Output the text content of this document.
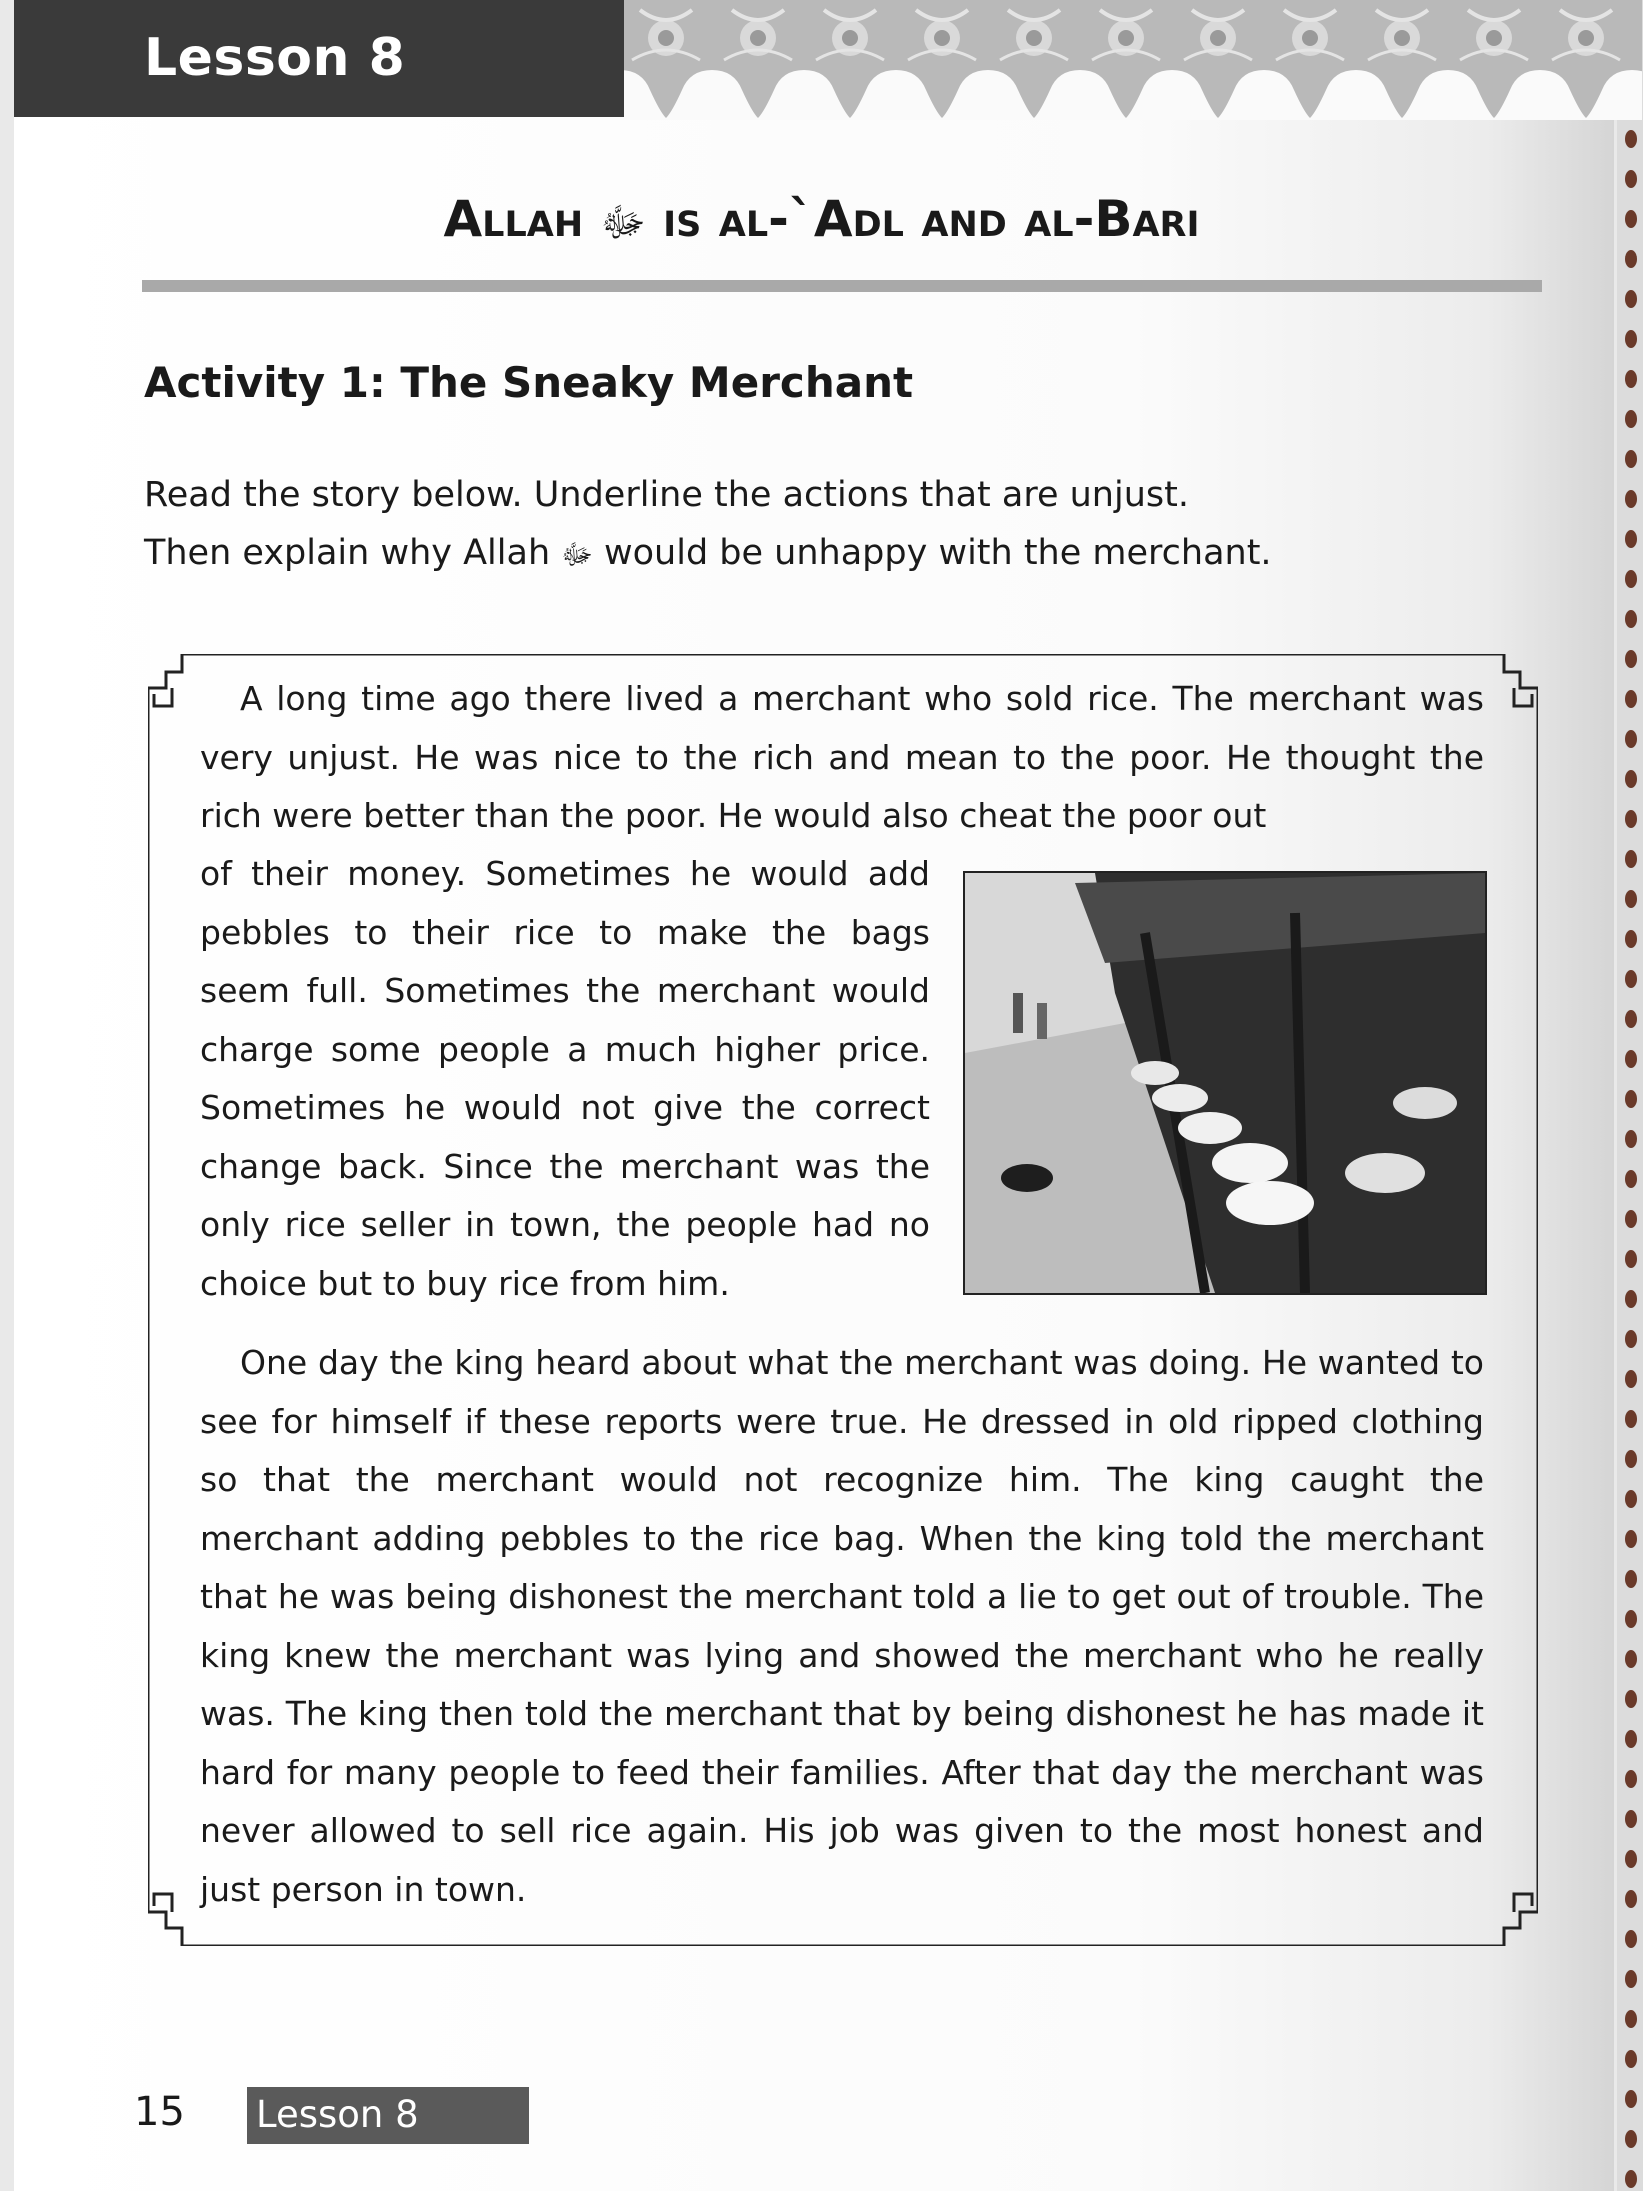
Lesson 8
Allah ﷻ is al-`Adl and al-Bari
Activity 1: The Sneaky Merchant
Read the story below. Underline the actions that are unjust.
Then explain why Allah ﷻ would be unhappy with the merchant.
A long time ago there lived a merchant who sold rice. The merchant was very unjust. He was nice to the rich and mean to the poor. He thought the rich were better than the poor. He would also cheat the poor out
of their money. Sometimes he would add pebbles to their rice to make the bags seem full. Sometimes the merchant would charge some people a much higher price. Sometimes he would not give the correct change back. Since the merchant was the only rice seller in town, the people had no choice but to buy rice from him.
One day the king heard about what the merchant was doing. He wanted to see for himself if these reports were true. He dressed in old ripped clothing so that the merchant would not recognize him. The king caught the merchant adding pebbles to the rice bag. When the king told the merchant that he was being dishonest the merchant told a lie to get out of trouble. The king knew the merchant was lying and showed the merchant who he really was. The king then told the merchant that by being dishonest he has made it hard for many people to feed their families. After that day the merchant was never allowed to sell rice again. His job was given to the most honest and just person in town.
15 Lesson 8
